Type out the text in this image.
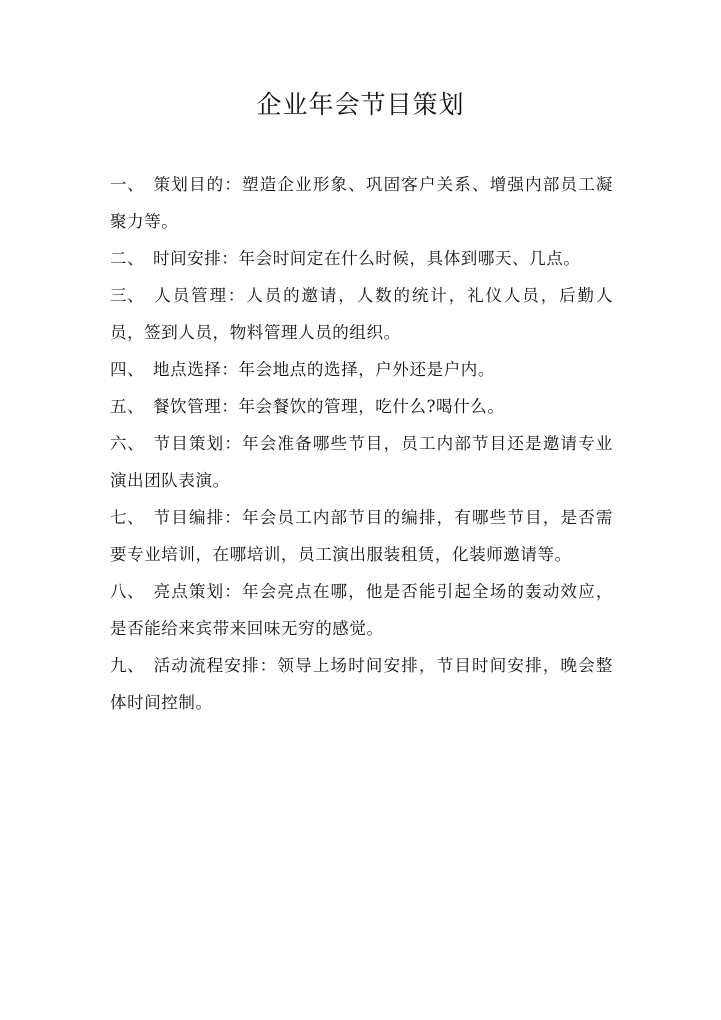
企业年会节目策划

一、 策划目的：塑造企业形象、巩固客户关系、增强内部员工凝聚力等。

二、 时间安排：年会时间定在什么时候，具体到哪天、几点。

三、 人员管理：人员的邀请，人数的统计，礼仪人员，后勤人员，签到人员，物料管理人员的组织。

四、 地点选择：年会地点的选择，户外还是户内。

五、 餐饮管理：年会餐饮的管理，吃什么?喝什么。

六、 节目策划：年会准备哪些节目，员工内部节目还是邀请专业演出团队表演。

七、 节目编排：年会员工内部节目的编排，有哪些节目，是否需要专业培训，在哪培训，员工演出服装租赁，化装师邀请等。

八、 亮点策划：年会亮点在哪，他是否能引起全场的轰动效应，是否能给来宾带来回味无穷的感觉。

九、 活动流程安排：领导上场时间安排，节目时间安排，晚会整体时间控制。
